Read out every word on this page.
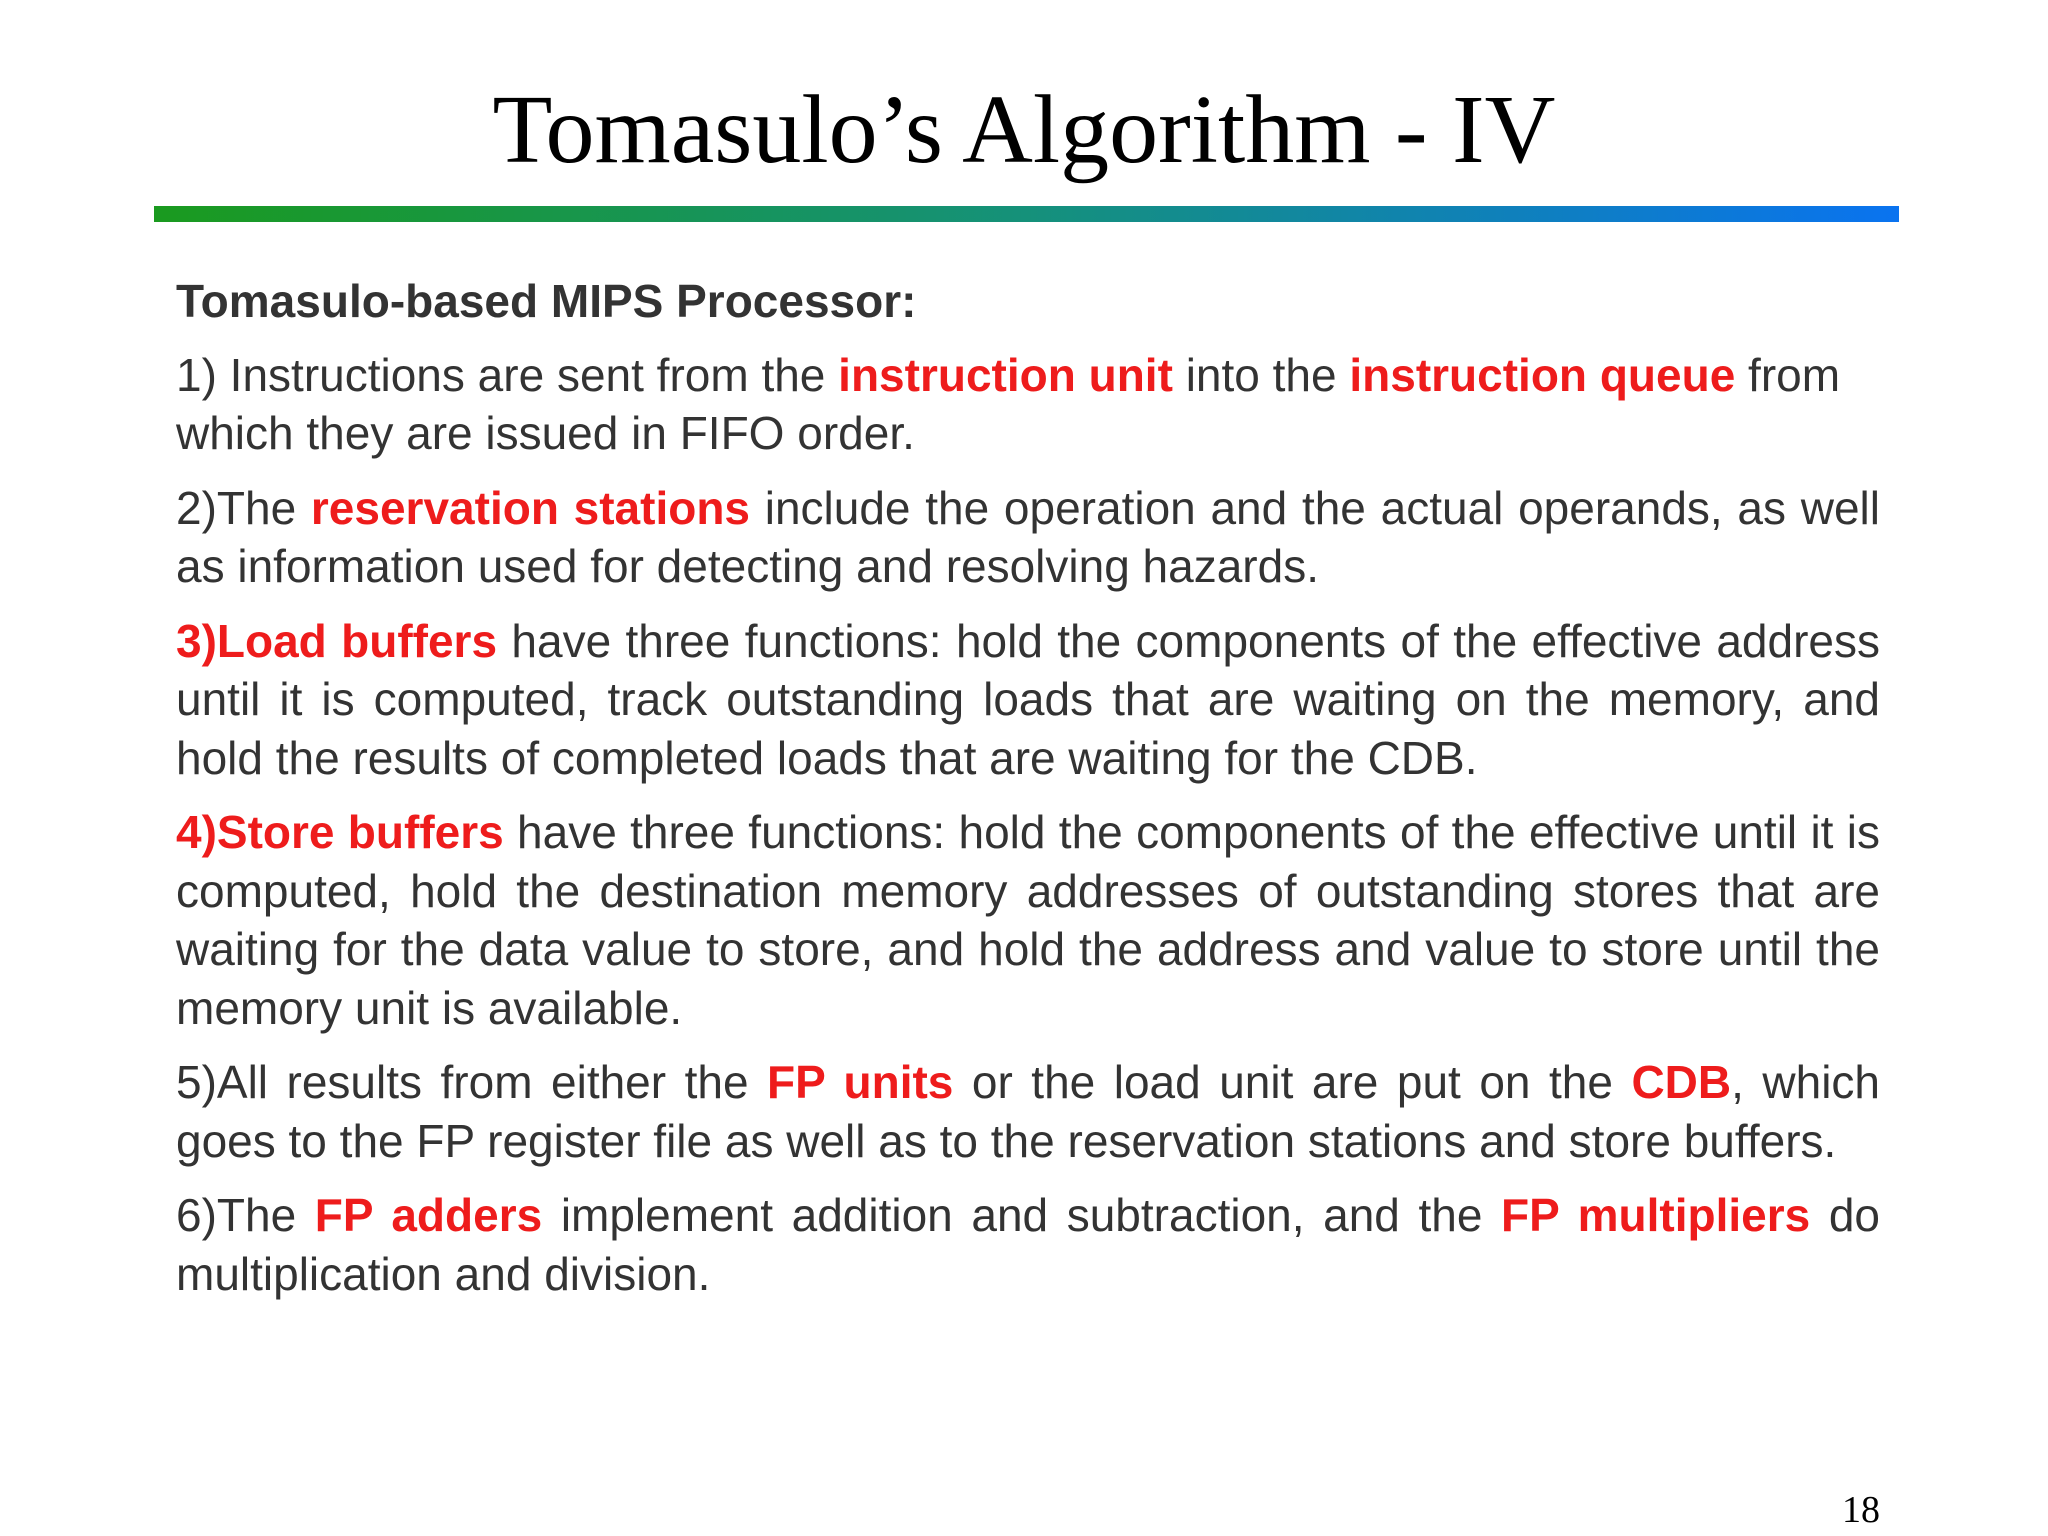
Tomasulo’s Algorithm - IV

Tomasulo-based MIPS Processor:

1) Instructions are sent from the instruction unit into the instruction queue from which they are issued in FIFO order.

2)The reservation stations include the operation and the actual operands, as well as information used for detecting and resolving hazards.

3)Load buffers have three functions: hold the components of the effective address until it is computed, track outstanding loads that are waiting on the memory, and hold the results of completed loads that are waiting for the CDB.

4)Store buffers have three functions: hold the components of the effective until it is computed, hold the destination memory addresses of outstanding stores that are waiting for the data value to store, and hold the address and value to store until the memory unit is available.

5)All results from either the FP units or the load unit are put on the CDB, which goes to the FP register file as well as to the reservation stations and store buffers.

6)The FP adders implement addition and subtraction, and the FP multipliers do multiplication and division.

18
